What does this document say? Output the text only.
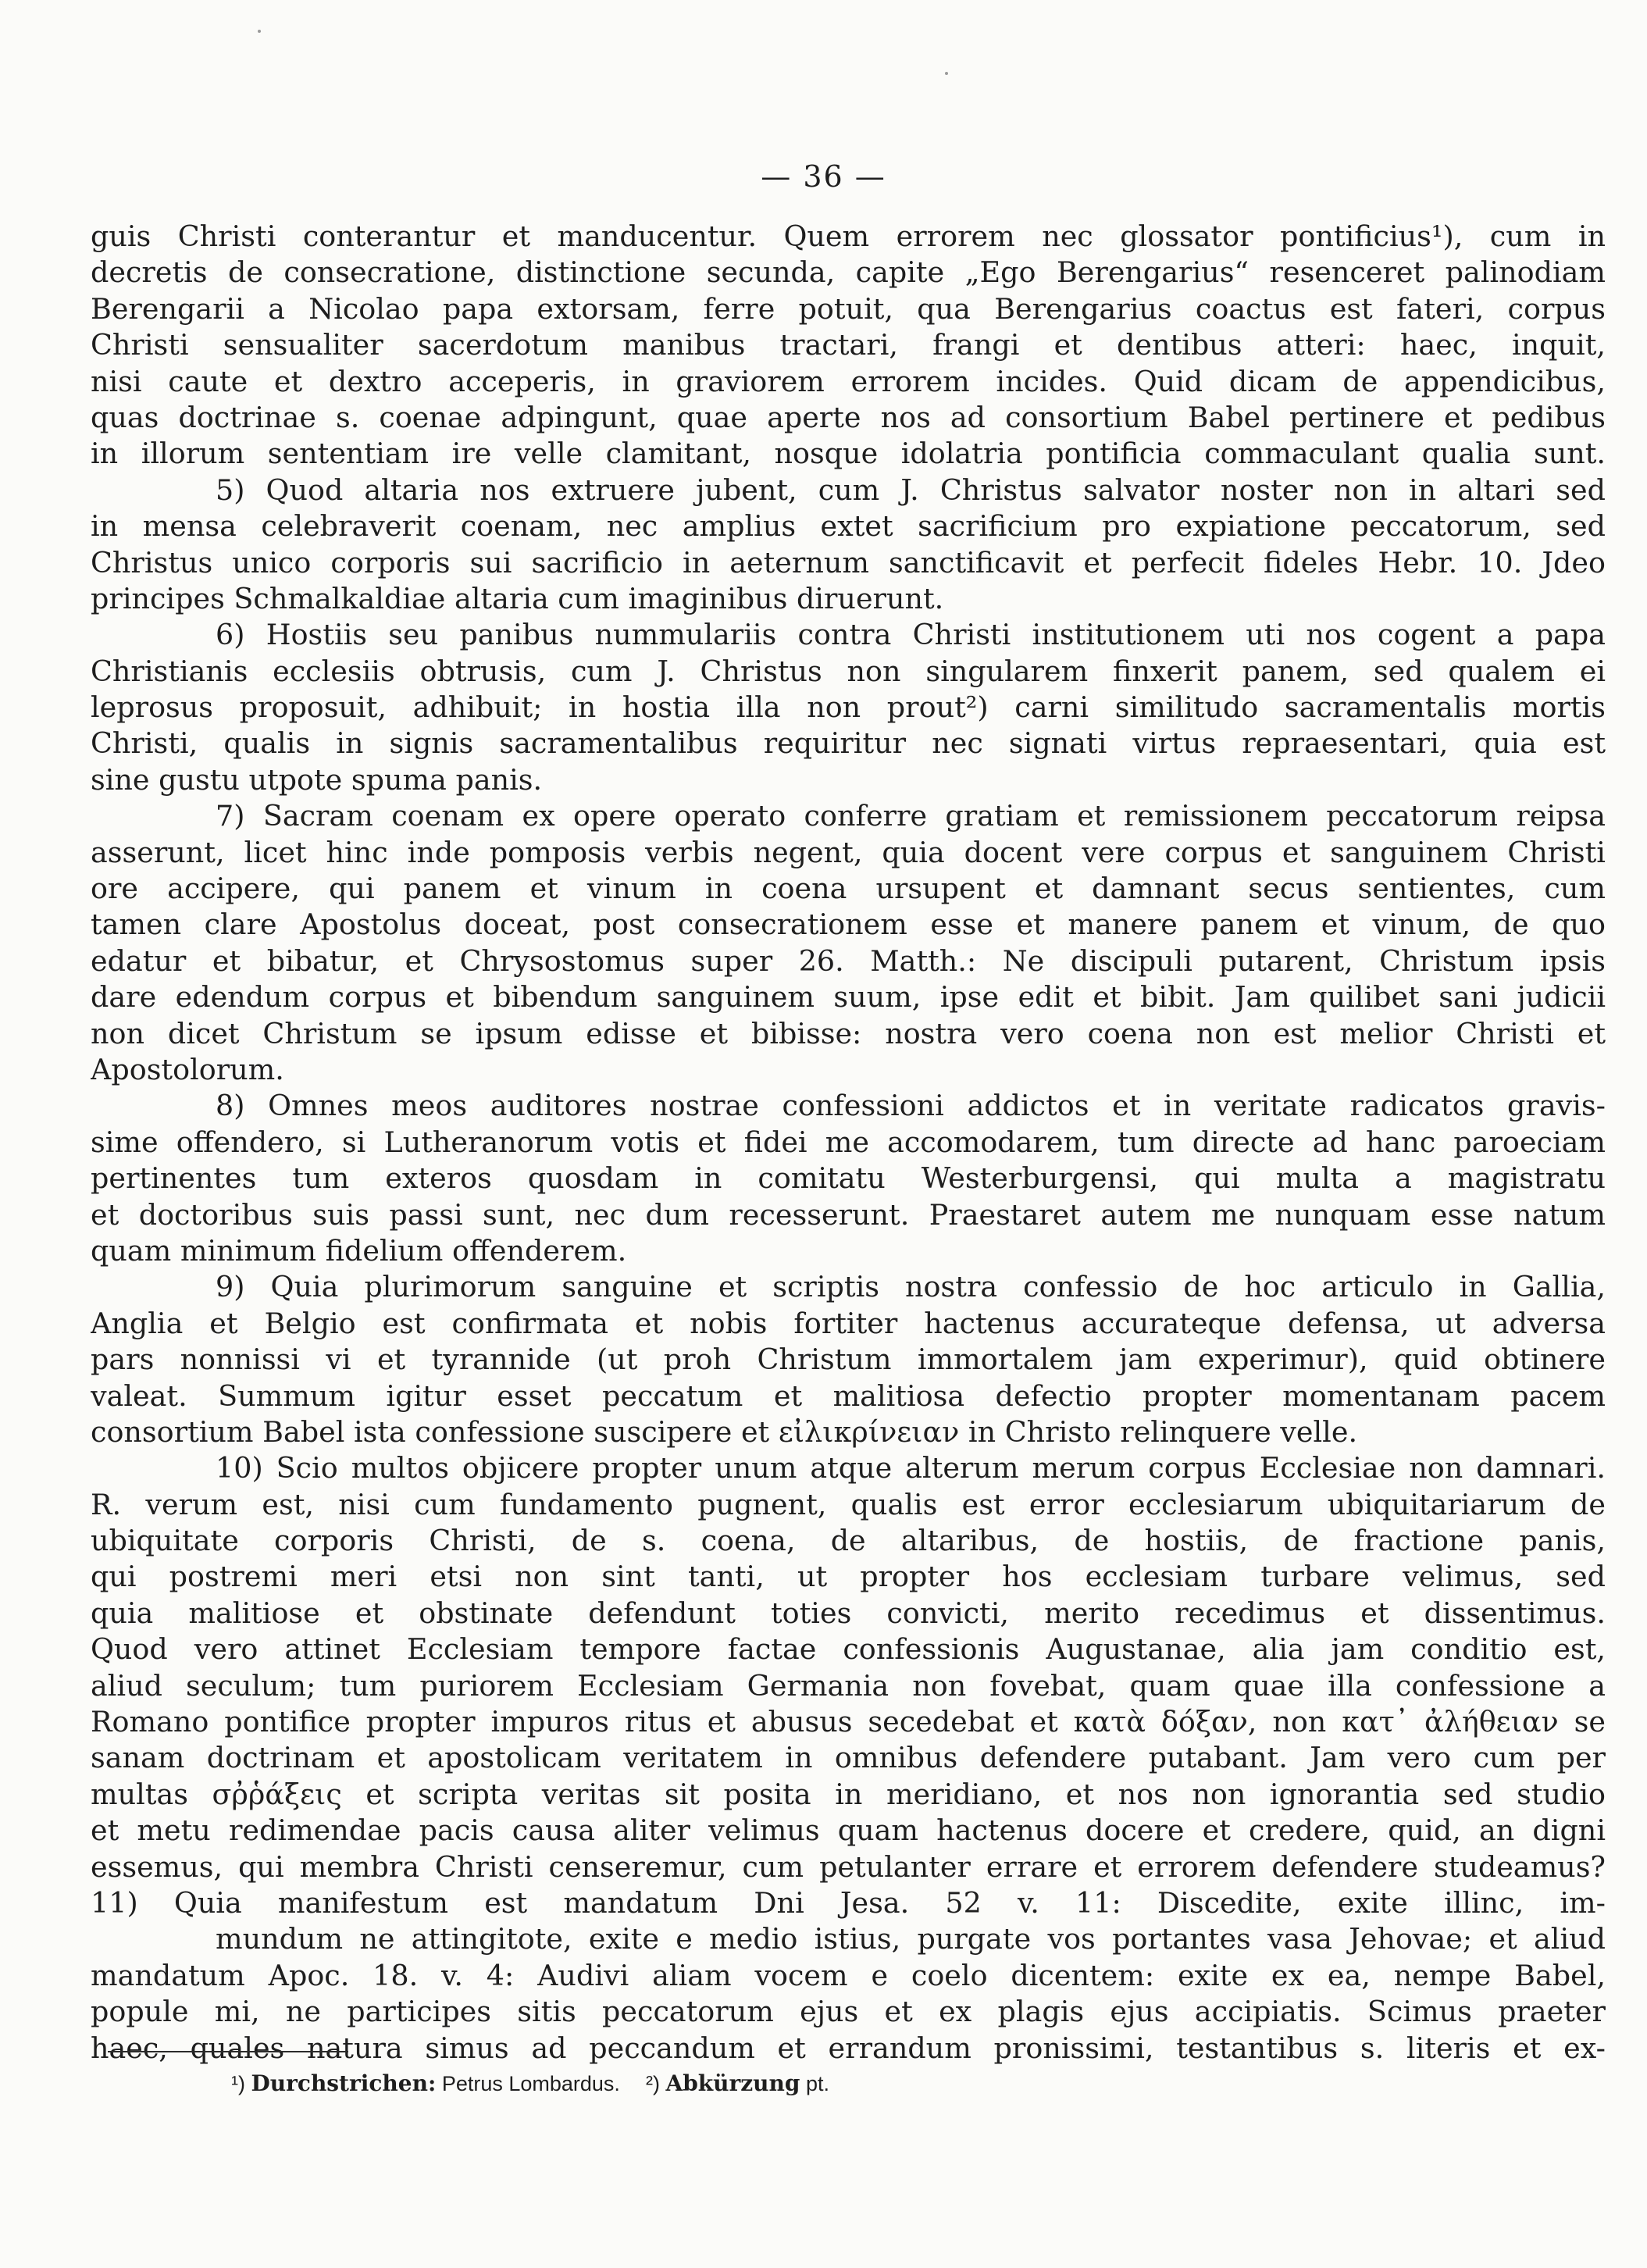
— 36 —
guis Christi conterantur et manducentur. Quem errorem nec glossator pontificius¹), cum in
decretis de consecratione, distinctione secunda, capite „Ego Berengarius“ resenceret palinodiam
Berengarii a Nicolao papa extorsam, ferre potuit, qua Berengarius coactus est fateri, corpus
Christi sensualiter sacerdotum manibus tractari, frangi et dentibus atteri: haec, inquit,
nisi caute et dextro acceperis, in graviorem errorem incides. Quid dicam de appendicibus,
quas doctrinae s. coenae adpingunt, quae aperte nos ad consortium Babel pertinere et pedibus
in illorum sententiam ire velle clamitant, nosque idolatria pontificia commaculant qualia sunt.
5) Quod altaria nos extruere jubent, cum J. Christus salvator noster non in altari sed
in mensa celebraverit coenam, nec amplius extet sacrificium pro expiatione peccatorum, sed
Christus unico corporis sui sacrificio in aeternum sanctificavit et perfecit fideles Hebr. 10. Jdeo
principes Schmalkaldiae altaria cum imaginibus diruerunt.
6) Hostiis seu panibus nummulariis contra Christi institutionem uti nos cogent a papa
Christianis ecclesiis obtrusis, cum J. Christus non singularem finxerit panem, sed qualem ei
leprosus proposuit, adhibuit; in hostia illa non prout²) carni similitudo sacramentalis mortis
Christi, qualis in signis sacramentalibus requiritur nec signati virtus repraesentari, quia est
sine gustu utpote spuma panis.
7) Sacram coenam ex opere operato conferre gratiam et remissionem peccatorum reipsa
asserunt, licet hinc inde pomposis verbis negent, quia docent vere corpus et sanguinem Christi
ore accipere, qui panem et vinum in coena ursupent et damnant secus sentientes, cum
tamen clare Apostolus doceat, post consecrationem esse et manere panem et vinum, de quo
edatur et bibatur, et Chrysostomus super 26. Matth.: Ne discipuli putarent, Christum ipsis
dare edendum corpus et bibendum sanguinem suum, ipse edit et bibit. Jam quilibet sani judicii
non dicet Christum se ipsum edisse et bibisse: nostra vero coena non est melior Christi et
Apostolorum.
8) Omnes meos auditores nostrae confessioni addictos et in veritate radicatos gravis-
sime offendero, si Lutheranorum votis et fidei me accomodarem, tum directe ad hanc paroeciam
pertinentes tum exteros quosdam in comitatu Westerburgensi, qui multa a magistratu
et doctoribus suis passi sunt, nec dum recesserunt. Praestaret autem me nunquam esse natum
quam minimum fidelium offenderem.
9) Quia plurimorum sanguine et scriptis nostra confessio de hoc articulo in Gallia,
Anglia et Belgio est confirmata et nobis fortiter hactenus accurateque defensa, ut adversa
pars nonnissi vi et tyrannide (ut proh Christum immortalem jam experimur), quid obtinere
valeat. Summum igitur esset peccatum et malitiosa defectio propter momentanam pacem
consortium Babel ista confessione suscipere et εἰλικρίνειαν in Christo relinquere velle.
10) Scio multos objicere propter unum atque alterum merum corpus Ecclesiae non damnari.
R. verum est, nisi cum fundamento pugnent, qualis est error ecclesiarum ubiquitariarum de
ubiquitate corporis Christi, de s. coena, de altaribus, de hostiis, de fractione panis,
qui postremi meri etsi non sint tanti, ut propter hos ecclesiam turbare velimus, sed
quia malitiose et obstinate defendunt toties convicti, merito recedimus et dissentimus.
Quod vero attinet Ecclesiam tempore factae confessionis Augustanae, alia jam conditio est,
aliud seculum; tum puriorem Ecclesiam Germania non fovebat, quam quae illa confessione a
Romano pontifice propter impuros ritus et abusus secedebat et κατὰ δόξαν, non κατ᾽ ἀλήθειαν se
sanam doctrinam et apostolicam veritatem in omnibus defendere putabant. Jam vero cum per
multas σῤῥάξεις et scripta veritas sit posita in meridiano, et nos non ignorantia sed studio
et metu redimendae pacis causa aliter velimus quam hactenus docere et credere, quid, an digni
essemus, qui membra Christi censeremur, cum petulanter errare et errorem defendere studeamus?
11) Quia manifestum est mandatum Dni Jesa. 52 v. 11: Discedite, exite illinc, im-
mundum ne attingitote, exite e medio istius, purgate vos portantes vasa Jehovae; et aliud
mandatum Apoc. 18. v. 4: Audivi aliam vocem e coelo dicentem: exite ex ea, nempe Babel,
popule mi, ne participes sitis peccatorum ejus et ex plagis ejus accipiatis. Scimus praeter
haec, quales natura simus ad peccandum et errandum pronissimi, testantibus s. literis et ex-
¹) Durchstrichen: Petrus Lombardus. ²) Abkürzung pt.
